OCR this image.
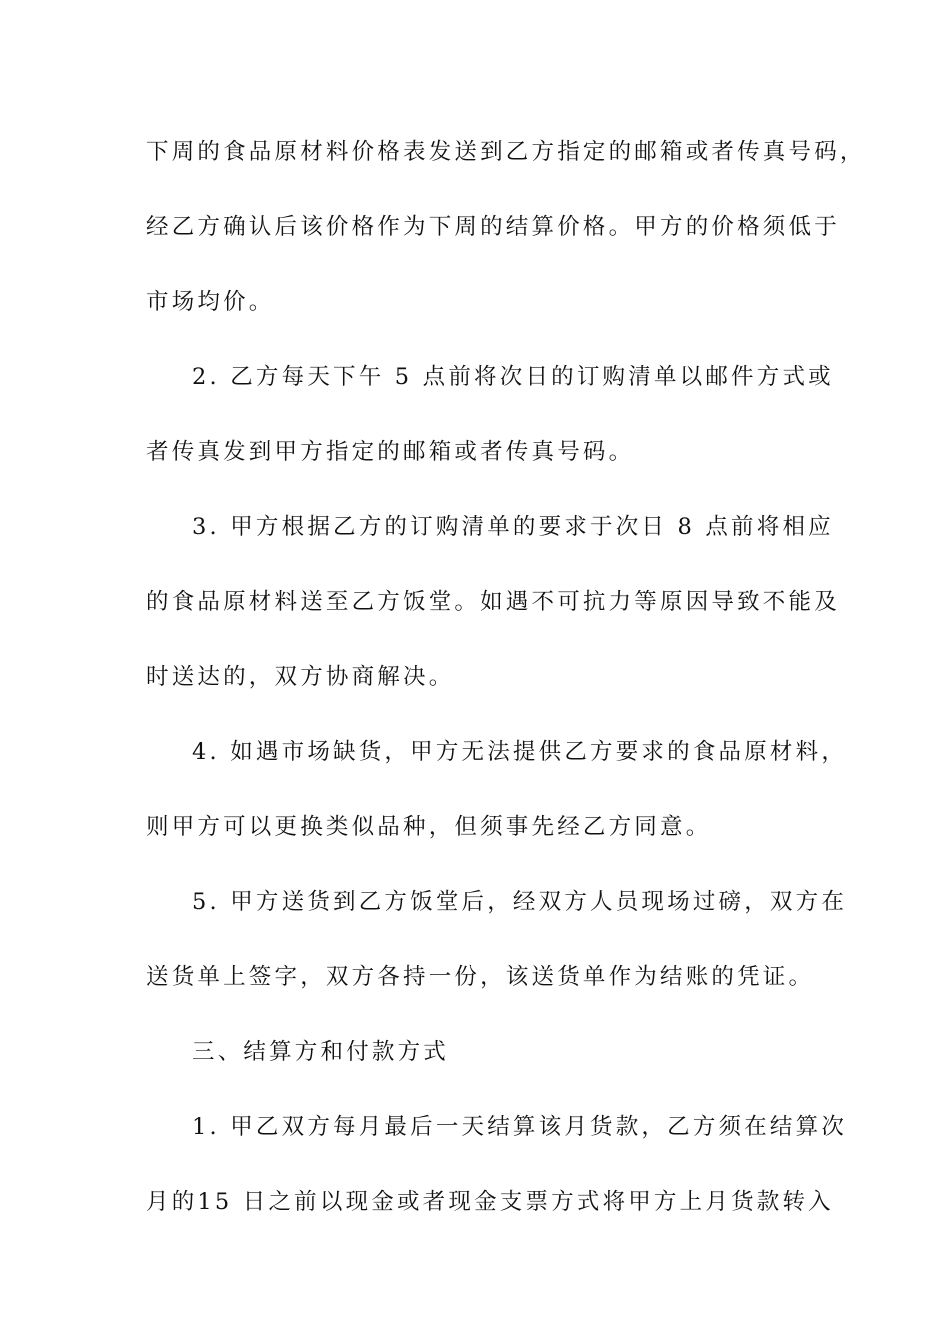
下周的食品原材料价格表发送到乙方指定的邮箱或者传真号码，
经乙方确认后该价格作为下周的结算价格。甲方的价格须低于
市场均价。
2. 乙方每天下午 5 点前将次日的订购清单以邮件方式或
者传真发到甲方指定的邮箱或者传真号码。
3. 甲方根据乙方的订购清单的要求于次日 8 点前将相应
的食品原材料送至乙方饭堂。如遇不可抗力等原因导致不能及
时送达的，双方协商解决。
4. 如遇市场缺货，甲方无法提供乙方要求的食品原材料，
则甲方可以更换类似品种，但须事先经乙方同意。
5. 甲方送货到乙方饭堂后，经双方人员现场过磅，双方在
送货单上签字，双方各持一份，该送货单作为结账的凭证。
三、结算方和付款方式
1. 甲乙双方每月最后一天结算该月货款，乙方须在结算次
月的15 日之前以现金或者现金支票方式将甲方上月货款转入
